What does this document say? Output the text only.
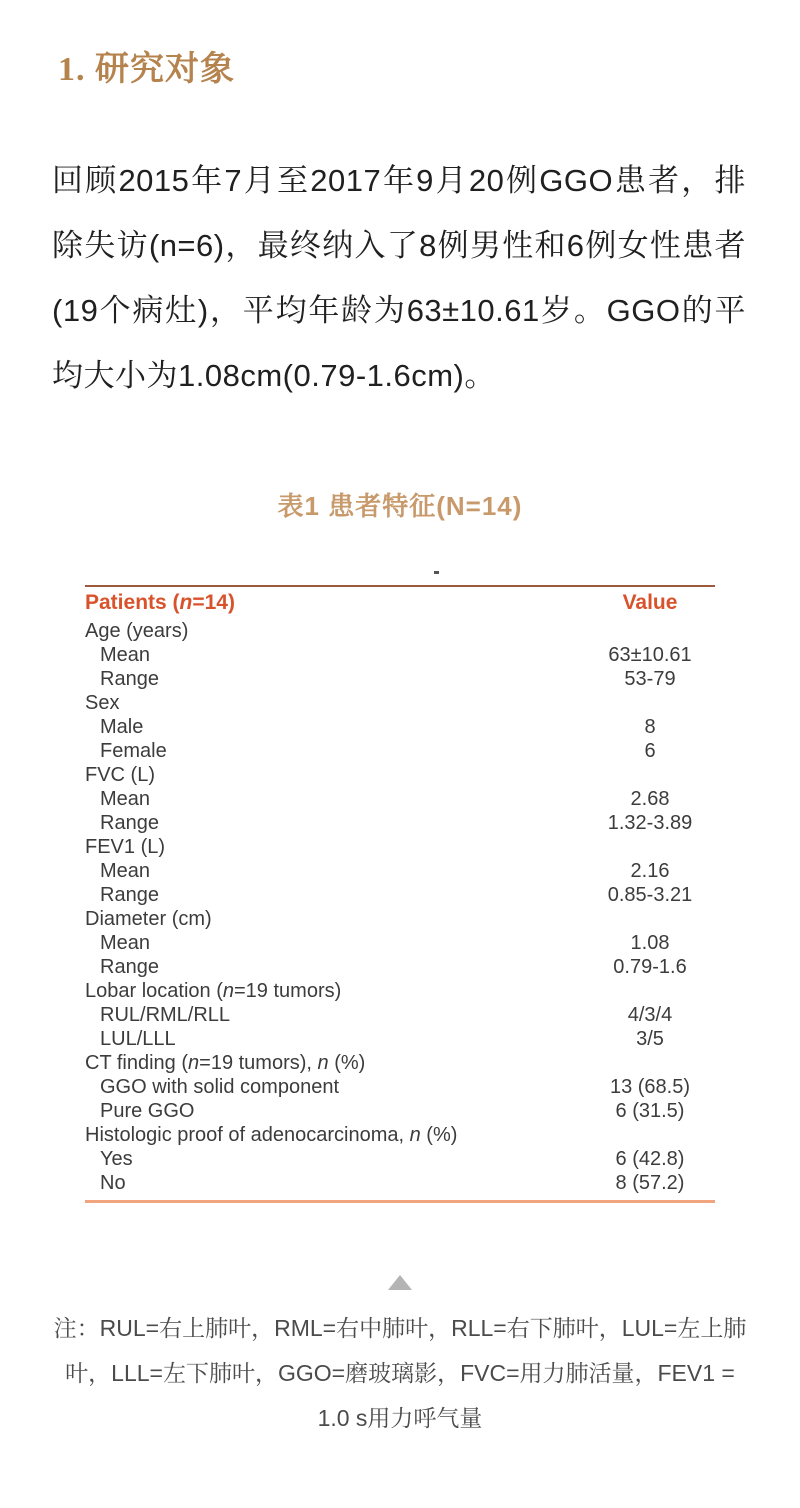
1. 研究对象

回顾2015年7月至2017年9月20例GGO患者，排除失访(n=6)，最终纳入了8例男性和6例女性患者(19个病灶)，平均年龄为63±10.61岁。GGO的平均大小为1.08cm(0.79-1.6cm)。

表1 患者特征(N=14)
Patients (n=14)	Value
Age (years)
Mean	63±10.61
Range	53-79
Sex
Male	8
Female	6
FVC (L)
Mean	2.68
Range	1.32-3.89
FEV1 (L)
Mean	2.16
Range	0.85-3.21
Diameter (cm)
Mean	1.08
Range	0.79-1.6
Lobar location (n=19 tumors)
RUL/RML/RLL	4/3/4
LUL/LLL	3/5
CT finding (n=19 tumors), n (%)
GGO with solid component	13 (68.5)
Pure GGO	6 (31.5)
Histologic proof of adenocarcinoma, n (%)
Yes	6 (42.8)
No	8 (57.2)

注：RUL=右上肺叶，RML=右中肺叶，RLL=右下肺叶，LUL=左上肺叶，LLL=左下肺叶，GGO=磨玻璃影，FVC=用力肺活量，FEV1 = 1.0 s用力呼气量
